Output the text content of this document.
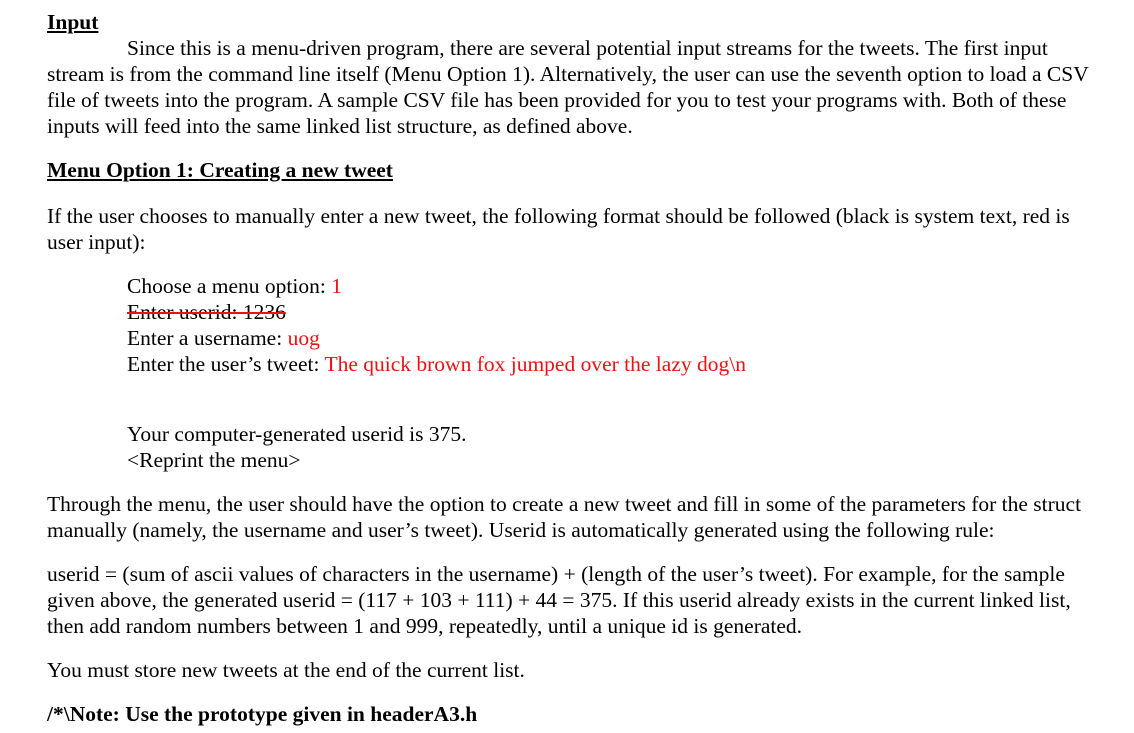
Input

Since this is a menu-driven program, there are several potential input streams for the tweets. The first input stream is from the command line itself (Menu Option 1). Alternatively, the user can use the seventh option to load a CSV file of tweets into the program. A sample CSV file has been provided for you to test your programs with. Both of these inputs will feed into the same linked list structure, as defined above.

Menu Option 1: Creating a new tweet

If the user chooses to manually enter a new tweet, the following format should be followed (black is system text, red is user input):

Choose a menu option: 1

Enter userid: 1236

Enter a username: uog

Enter the user’s tweet: The quick brown fox jumped over the lazy dog\n

Your computer-generated userid is 375.

<Reprint the menu>

Through the menu, the user should have the option to create a new tweet and fill in some of the parameters for the struct manually (namely, the username and user’s tweet). Userid is automatically generated using the following rule:

userid = (sum of ascii values of characters in the username) + (length of the user’s tweet). For example, for the sample given above, the generated userid = (117 + 103 + 111) + 44 = 375. If this userid already exists in the current linked list, then add random numbers between 1 and 999, repeatedly, until a unique id is generated.

You must store new tweets at the end of the current list.

/*\Note: Use the prototype given in headerA3.h
